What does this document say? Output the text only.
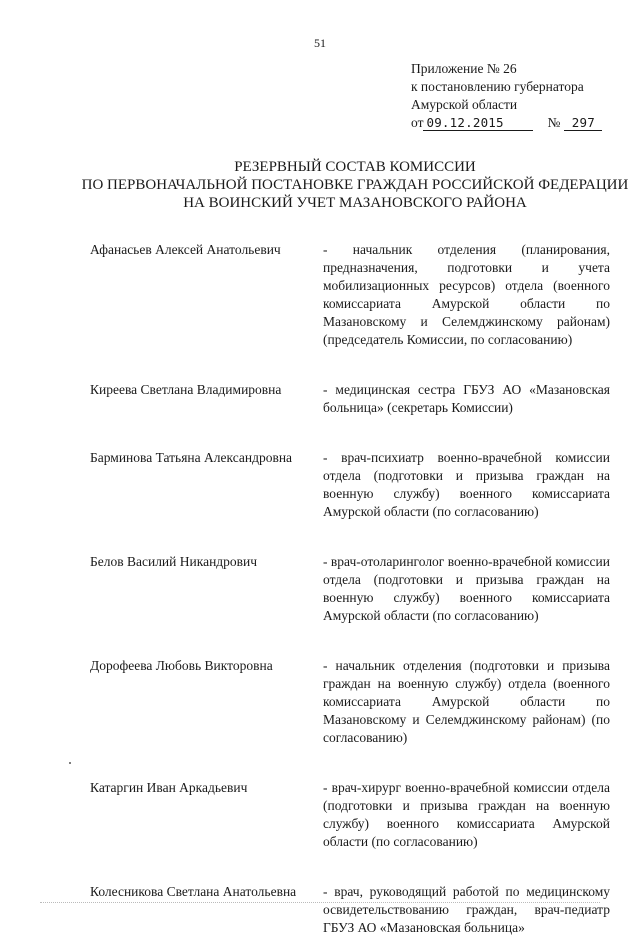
51
Приложение № 26
к постановлению губернатора
Амурской области
от 09.12.2015	№ 297
РЕЗЕРВНЫЙ СОСТАВ КОМИССИИ
ПО ПЕРВОНАЧАЛЬНОЙ ПОСТАНОВКЕ ГРАЖДАН РОССИЙСКОЙ ФЕДЕРАЦИИ
НА ВОИНСКИЙ УЧЕТ МАЗАНОВСКОГО РАЙОНА
Афанасьев Алексей Анатольевич	- начальник отделения (планирования, предназначения, подготовки и учета мобилизационных ресурсов) отдела (военного комиссариата Амурской области по Мазановскому и Селемджинскому районам) (председатель Комиссии, по согласованию)
Киреева Светлана Владимировна	- медицинская сестра ГБУЗ АО «Мазановская больница» (секретарь Комиссии)
Барминова Татьяна Александровна	- врач-психиатр военно-врачебной комиссии отдела (подготовки и призыва граждан на военную службу) военного комиссариата Амурской области (по согласованию)
Белов Василий Никандрович	- врач-отоларинголог военно-врачебной комиссии отдела (подготовки и призыва граждан на военную службу) военного комиссариата Амурской области (по согласованию)
Дорофеева Любовь Викторовна	- начальник отделения (подготовки и призыва граждан на военную службу) отдела (военного комиссариата Амурской области по Мазановскому и Селемджинскому районам) (по согласованию)
Катаргин Иван Аркадьевич	- врач-хирург военно-врачебной комиссии отдела (подготовки и призыва граждан на военную службу) военного комиссариата Амурской области (по согласованию)
Колесникова Светлана Анатольевна - врач, руководящий работой по медицинскому освидетельствованию граждан, врач-педиатр ГБУЗ АО «Мазановская больница»
